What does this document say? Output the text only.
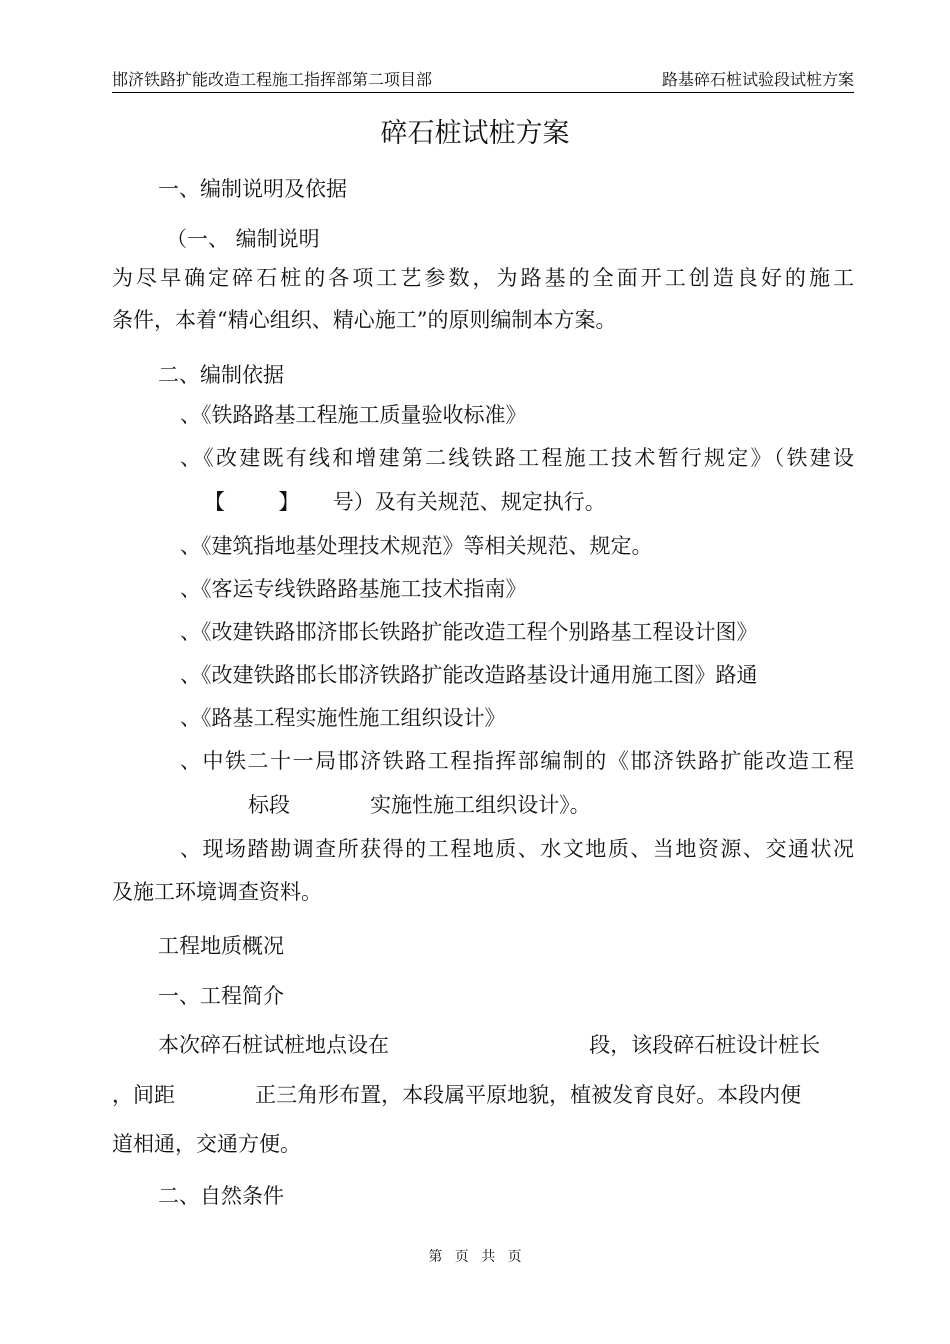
邯济铁路扩能改造工程施工指挥部第二项目部	路基碎石桩试验段试桩方案
碎石桩试桩方案
一、编制说明及依据
（一、 编制说明
为尽早确定碎石桩的各项工艺参数，为路基的全面开工创造良好的施工
条件，本着“精心组织、精心施工”的原则编制本方案。
二、编制依据
、《铁路路基工程施工质量验收标准》
、《改建既有线和增建第二线铁路工程施工技术暂行规定》（铁建设
【        】     号）及有关规范、规定执行。
、《建筑指地基处理技术规范》等相关规范、规定。
、《客运专线铁路路基施工技术指南》
、《改建铁路邯济邯长铁路扩能改造工程个别路基工程设计图》
、《改建铁路邯长邯济铁路扩能改造路基设计通用施工图》路通
、《路基工程实施性施工组织设计》
、中铁二十一局邯济铁路工程指挥部编制的《邯济铁路扩能改造工程
标段            实施性施工组织设计》。
、现场踏勘调查所获得的工程地质、水文地质、当地资源、交通状况
及施工环境调查资料。
工程地质概况
一、工程简介
本次碎石桩试桩地点设在                              段，该段碎石桩设计桩长
，间距            正三角形布置，本段属平原地貌，植被发育良好。本段内便
道相通，交通方便。
二、自然条件
第 页 共 页
